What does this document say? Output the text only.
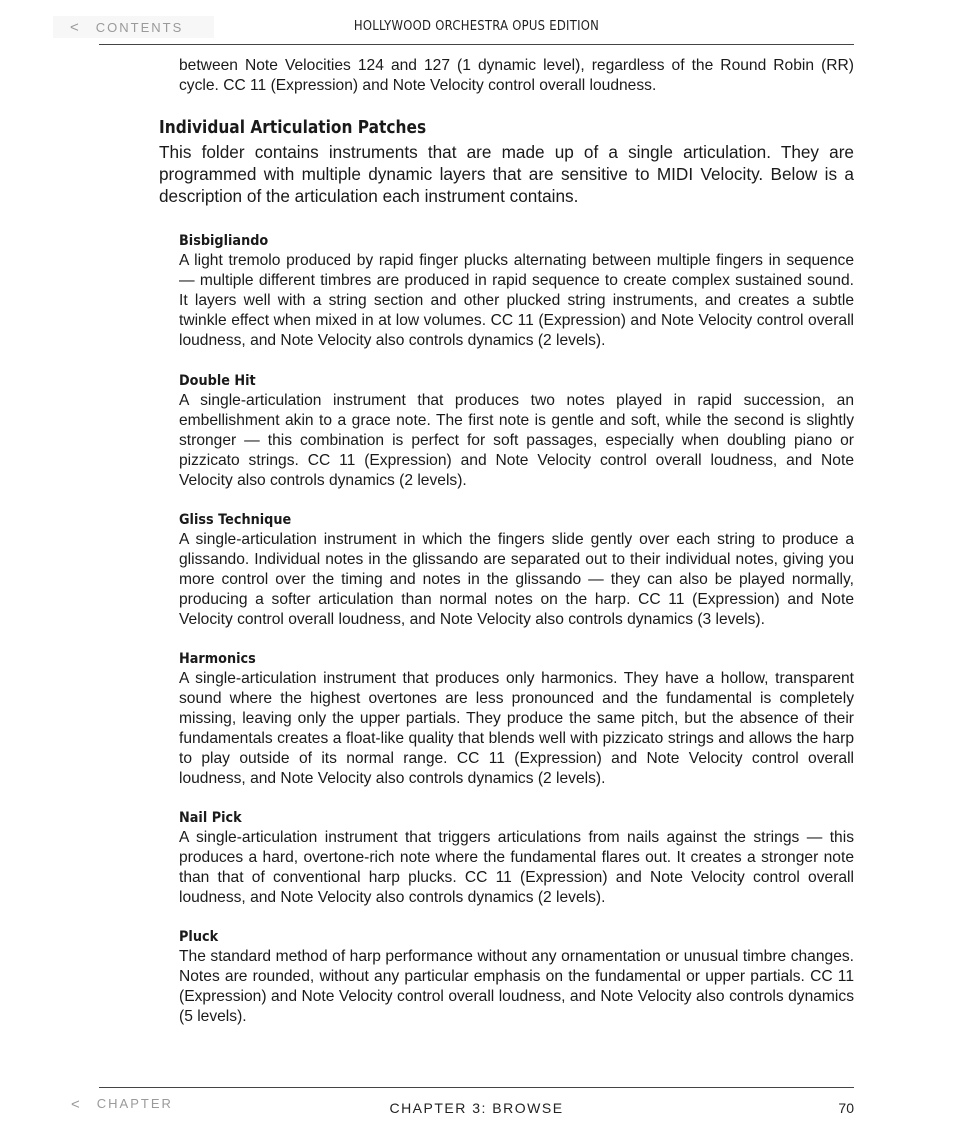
< CONTENTS	HOLLYWOOD ORCHESTRA OPUS EDITION
between Note Velocities 124 and 127 (1 dynamic level), regardless of the Round Robin (RR) cycle. CC 11 (Expression) and Note Velocity control overall loudness.
Individual Articulation Patches
This folder contains instruments that are made up of a single articulation. They are programmed with multiple dynamic layers that are sensitive to MIDI Velocity. Below is a description of the articulation each instrument contains.
Bisbigliando
A light tremolo produced by rapid finger plucks alternating between multiple fingers in sequence — multiple different timbres are produced in rapid sequence to create complex sustained sound. It layers well with a string section and other plucked string instruments, and creates a subtle twinkle effect when mixed in at low volumes. CC 11 (Expression) and Note Velocity control overall loudness, and Note Velocity also controls dynamics (2 levels).
Double Hit
A single-articulation instrument that produces two notes played in rapid succession, an embellishment akin to a grace note. The first note is gentle and soft, while the second is slightly stronger — this combination is perfect for soft passages, especially when doubling piano or pizzicato strings. CC 11 (Expression) and Note Velocity control overall loudness, and Note Velocity also controls dynamics (2 levels).
Gliss Technique
A single-articulation instrument in which the fingers slide gently over each string to produce a glissando. Individual notes in the glissando are separated out to their individual notes, giving you more control over the timing and notes in the glissando — they can also be played normally, producing a softer articulation than normal notes on the harp. CC 11 (Expression) and Note Velocity control overall loudness, and Note Velocity also controls dynamics (3 levels).
Harmonics
A single-articulation instrument that produces only harmonics. They have a hollow, transparent sound where the highest overtones are less pronounced and the fundamental is completely missing, leaving only the upper partials. They produce the same pitch, but the absence of their fundamentals creates a float-like quality that blends well with pizzicato strings and allows the harp to play outside of its normal range. CC 11 (Expression) and Note Velocity control overall loudness, and Note Velocity also controls dynamics (2 levels).
Nail Pick
A single-articulation instrument that triggers articulations from nails against the strings — this produces a hard, overtone-rich note where the fundamental flares out. It creates a stronger note than that of conventional harp plucks. CC 11 (Expression) and Note Velocity control overall loudness, and Note Velocity also controls dynamics (2 levels).
Pluck
The standard method of harp performance without any ornamentation or unusual timbre changes. Notes are rounded, without any particular emphasis on the fundamental or upper partials. CC 11 (Expression) and Note Velocity control overall loudness, and Note Velocity also controls dynamics (5 levels).
< CHAPTER	CHAPTER 3: BROWSE	70
